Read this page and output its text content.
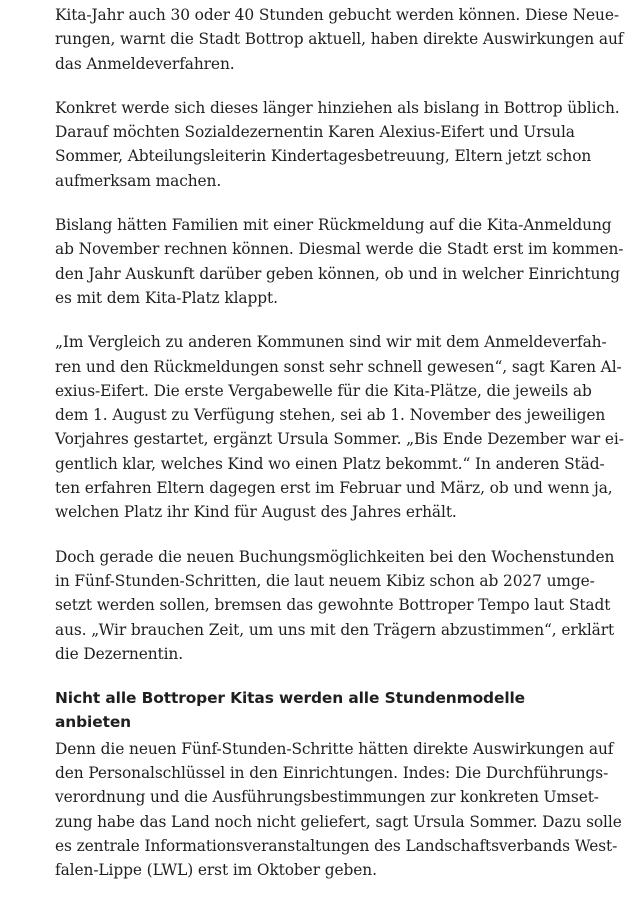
Kita-Jahr auch 30 oder 40 Stunden gebucht werden können. Diese Neue-
rungen, warnt die Stadt Bottrop aktuell, haben direkte Auswirkungen auf
das Anmeldeverfahren.
Konkret werde sich dieses länger hinziehen als bislang in Bottrop üblich.
Darauf möchten Sozialdezernentin Karen Alexius-Eifert und Ursula
Sommer, Abteilungsleiterin Kindertagesbetreuung, Eltern jetzt schon
aufmerksam machen.
Bislang hätten Familien mit einer Rückmeldung auf die Kita-Anmeldung
ab November rechnen können. Diesmal werde die Stadt erst im kommen-
den Jahr Auskunft darüber geben können, ob und in welcher Einrichtung
es mit dem Kita-Platz klappt.
„Im Vergleich zu anderen Kommunen sind wir mit dem Anmeldeverfah-
ren und den Rückmeldungen sonst sehr schnell gewesen“, sagt Karen Al-
exius-Eifert. Die erste Vergabewelle für die Kita-Plätze, die jeweils ab
dem 1. August zu Verfügung stehen, sei ab 1. November des jeweiligen
Vorjahres gestartet, ergänzt Ursula Sommer. „Bis Ende Dezember war ei-
gentlich klar, welches Kind wo einen Platz bekommt.“ In anderen Städ-
ten erfahren Eltern dagegen erst im Februar und März, ob und wenn ja,
welchen Platz ihr Kind für August des Jahres erhält.
Doch gerade die neuen Buchungsmöglichkeiten bei den Wochenstunden
in Fünf-Stunden-Schritten, die laut neuem Kibiz schon ab 2027 umge-
setzt werden sollen, bremsen das gewohnte Bottroper Tempo laut Stadt
aus. „Wir brauchen Zeit, um uns mit den Trägern abzustimmen“, erklärt
die Dezernentin.
Nicht alle Bottroper Kitas werden alle Stundenmodelle anbieten
Denn die neuen Fünf-Stunden-Schritte hätten direkte Auswirkungen auf
den Personalschlüssel in den Einrichtungen. Indes: Die Durchführungs-
verordnung und die Ausführungsbestimmungen zur konkreten Umset-
zung habe das Land noch nicht geliefert, sagt Ursula Sommer. Dazu solle
es zentrale Informationsveranstaltungen des Landschaftsverbands West-
falen-Lippe (LWL) erst im Oktober geben.
